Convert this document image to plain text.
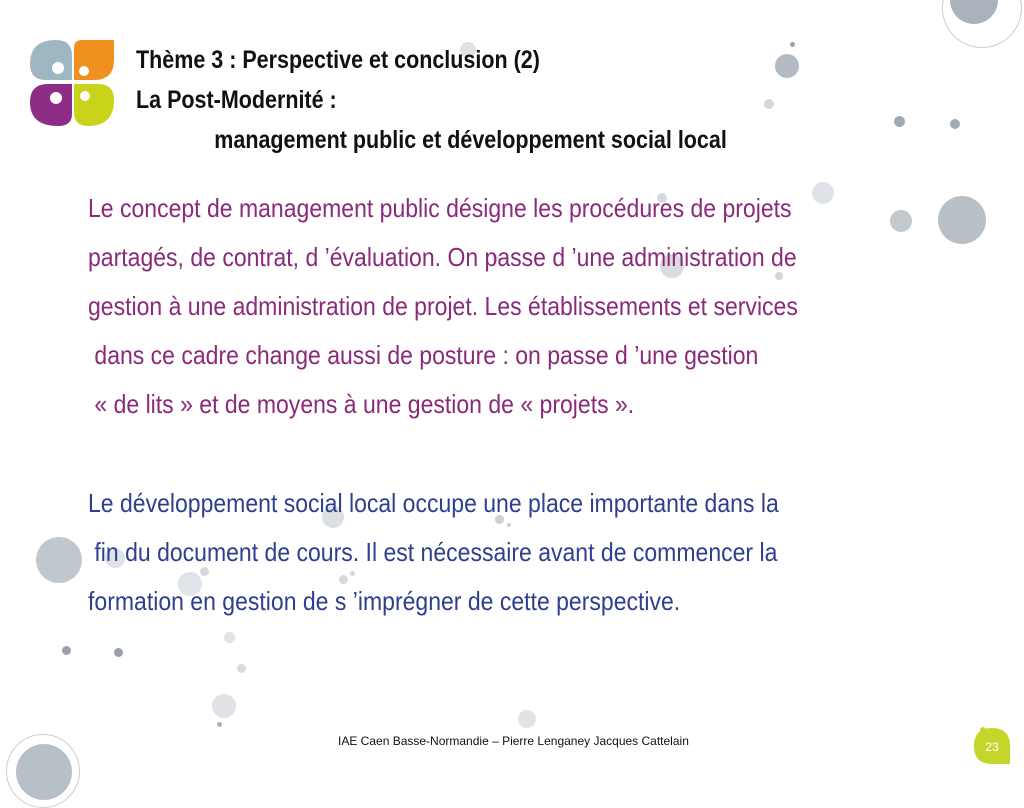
Thème 3 : Perspective et conclusion (2)
La Post-Modernité :
management public et développement social local
Le concept de management public désigne les procédures de projets
partagés, de contrat, d ’évaluation. On passe d ’une administration de
gestion à une administration de projet. Les établissements et services
dans ce cadre change aussi de posture : on passe d ’une gestion
« de lits » et de moyens à une gestion de « projets ».
Le développement social local occupe une place importante dans la
fin du document de cours. Il est nécessaire avant de commencer la
formation en gestion de s ’imprégner de cette perspective.
IAE Caen Basse-Normandie – Pierre Lenganey Jacques Cattelain	23
